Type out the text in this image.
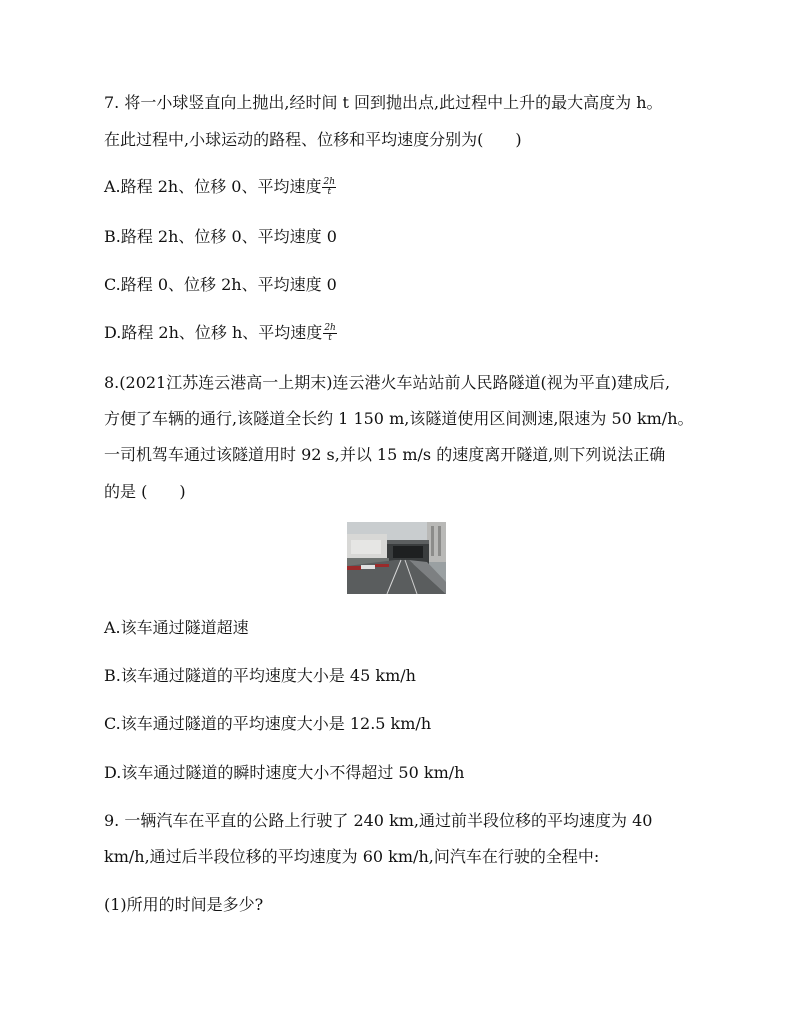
7. 将一小球竖直向上抛出,经时间 t 回到抛出点,此过程中上升的最大高度为 h。
在此过程中,小球运动的路程、位移和平均速度分别为(　　)
A.路程 2h、位移 0、平均速度 $\frac{2h}{t}$
B.路程 2h、位移 0、平均速度 0
C.路程 0、位移 2h、平均速度 0
D.路程 2h、位移 h、平均速度 $\frac{2h}{t}$
8.(2021江苏连云港高一上期末)连云港火车站站前人民路隧道(视为平直)建成后,
方便了车辆的通行,该隧道全长约 1 150 m,该隧道使用区间测速,限速为 50 km/h。
一司机驾车通过该隧道用时 92 s,并以 15 m/s 的速度离开隧道,则下列说法正确
的是 (　　)
A.该车通过隧道超速
B.该车通过隧道的平均速度大小是 45 km/h
C.该车通过隧道的平均速度大小是 12.5 km/h
D.该车通过隧道的瞬时速度大小不得超过 50 km/h
9. 一辆汽车在平直的公路上行驶了 240 km,通过前半段位移的平均速度为 40
km/h,通过后半段位移的平均速度为 60 km/h,问汽车在行驶的全程中:
(1)所用的时间是多少?
